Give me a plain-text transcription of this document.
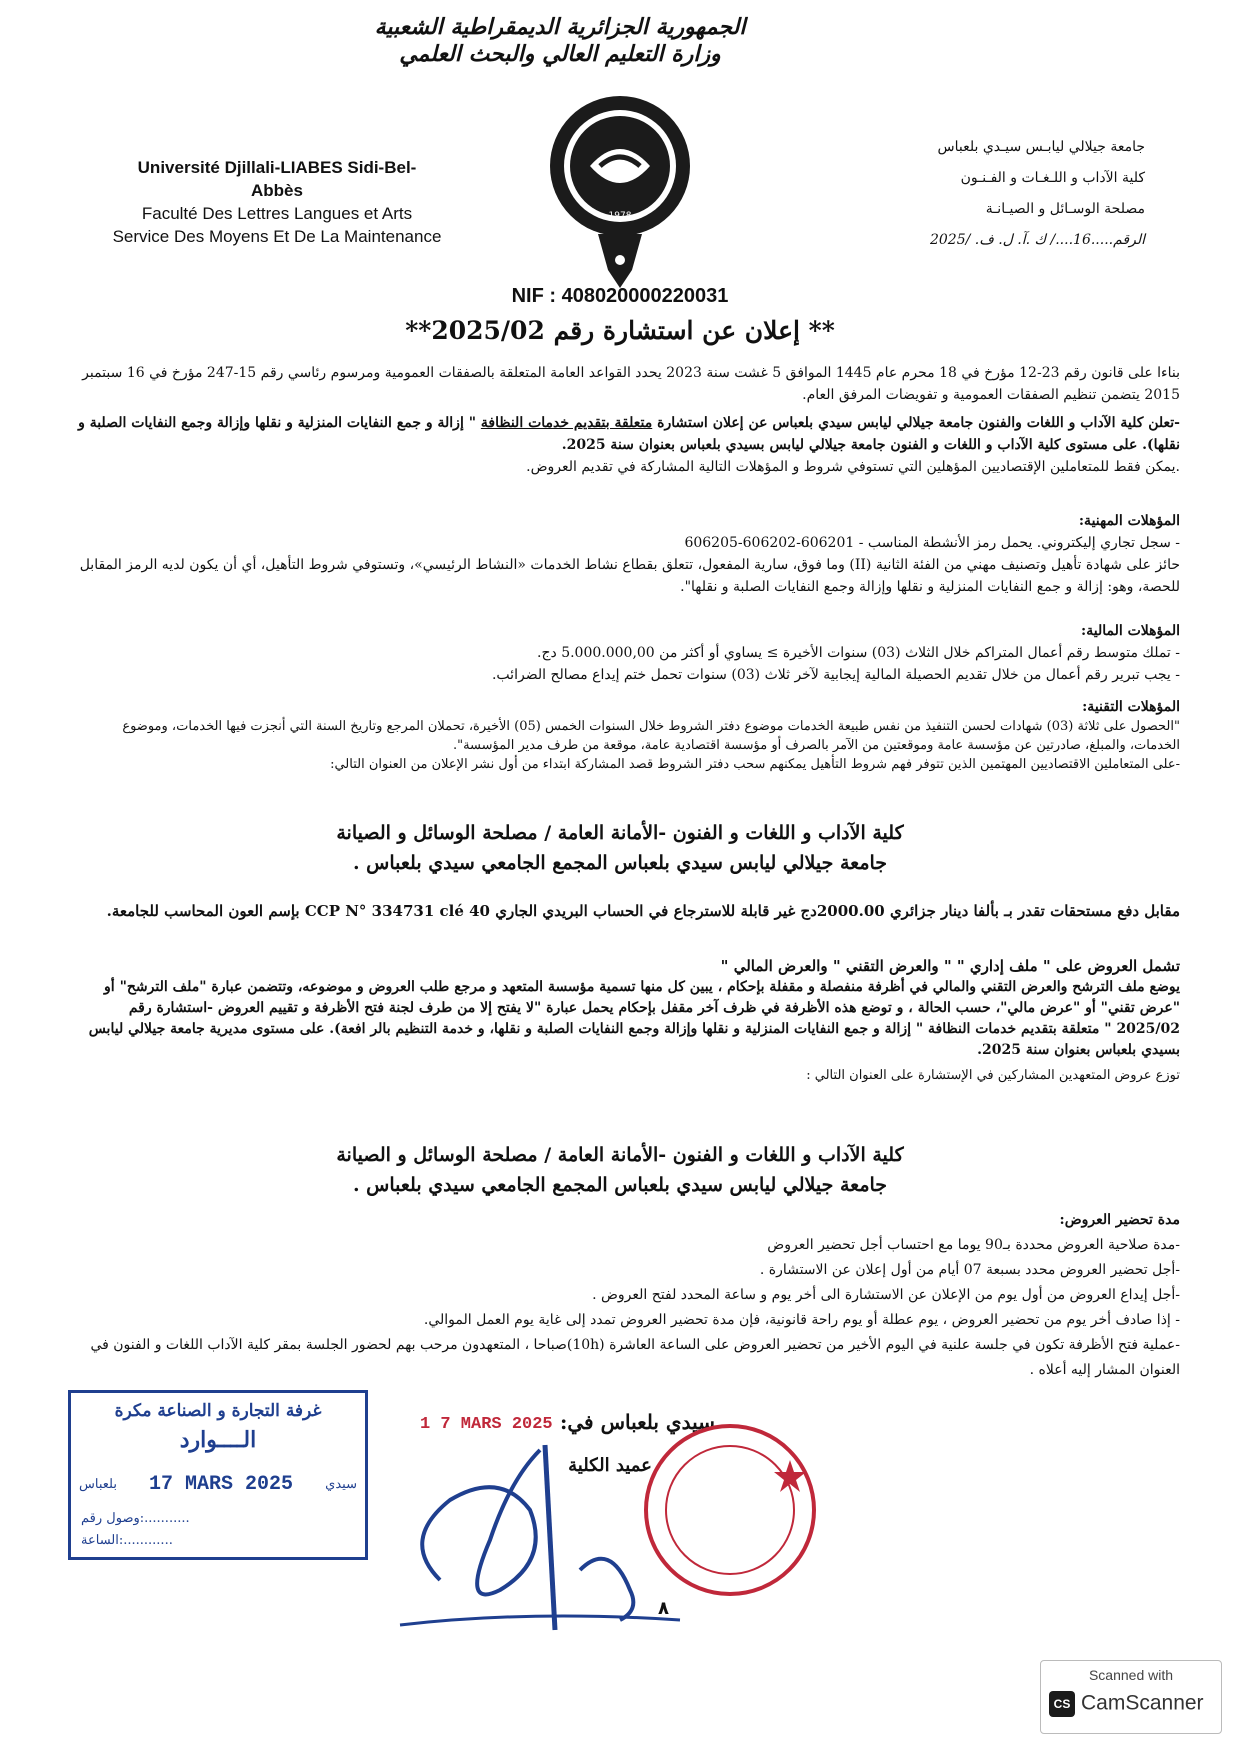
الجمهورية الجزائرية الديمقراطية الشعبية
وزارة التعليم العالي والبحث العلمي
Université Djillali-LIABES Sidi-Bel-Abbès
Faculté Des Lettres Langues et Arts
Service Des Moyens Et De La Maintenance
1978
جامعة جيلالي ليابـس سيـدي بلعباس
كلية الآداب و اللـغـات و الفـنـون
مصلحة الوسـائل و الصيـانـة
الرقم.....16..../ ك .آ. ل. ف. /2025
NIF : 408020000220031
** إعلان عن استشارة رقم 2025/02**

بناءا على قانون رقم 23-12 مؤرخ في 18 محرم عام 1445 الموافق 5 غشت سنة 2023 يحدد القواعد العامة المتعلقة بالصفقات العمومية ومرسوم رئاسي رقم 15-247 مؤرخ في 16 سبتمبر 2015 يتضمن تنظيم الصفقات العمومية و تفويضات المرفق العام.

-تعلن كلية الآداب و اللغات والفنون جامعة جيلالي ليابس سيدي بلعباس عن إعلان استشارة متعلقة بتقديم خدمات النظافة " إزالة و جمع النفايات المنزلية و نقلها وإزالة وجمع النفايات الصلبة و نقلها). على مستوى كلية الآداب و اللغات و الفنون جامعة جيلالي ليابس بسيدي بلعباس بعنوان سنة 2025.

.يمكن فقط للمتعاملين الإقتصاديين المؤهلين التي تستوفي شروط و المؤهلات التالية المشاركة في تقديم العروض.

المؤهلات المهنية:

- سجل تجاري إليكتروني. يحمل رمز الأنشطة المناسب - 606201-606202-606205

حائز على شهادة تأهيل وتصنيف مهني من الفئة الثانية (II) وما فوق، سارية المفعول، تتعلق بقطاع نشاط الخدمات «النشاط الرئيسي»، وتستوفي شروط التأهيل، أي أن يكون لديه الرمز المقابل للحصة، وهو: إزالة و جمع النفايات المنزلية و نقلها وإزالة وجمع النفايات الصلبة و نقلها".

المؤهلات المالية:

- تملك متوسط رقم أعمال المتراكم خلال الثلاث (03) سنوات الأخيرة ≥ يساوي أو أكثر من 5.000.000,00 دج.

- يجب تبرير رقم أعمال من خلال تقديم الحصيلة المالية إيجابية لآخر ثلاث (03) سنوات تحمل ختم إيداع مصالح الضرائب.

المؤهلات التقنية:

"الحصول على ثلاثة (03) شهادات لحسن التنفيذ من نفس طبيعة الخدمات موضوع دفتر الشروط خلال السنوات الخمس (05) الأخيرة، تحملان المرجع وتاريخ السنة التي أنجزت فيها الخدمات، وموضوع الخدمات، والمبلغ، صادرتين عن مؤسسة عامة وموقعتين من الآمر بالصرف أو مؤسسة اقتصادية عامة، موقعة من طرف مدير المؤسسة".

-على المتعاملين الاقتصاديين المهتمين الذين تتوفر فهم شروط التأهيل يمكنهم سحب دفتر الشروط قصد المشاركة ابتداء من أول نشر الإعلان من العنوان التالي:

كلية الآداب و اللغات و الفنون -الأمانة العامة / مصلحة الوسائل و الصيانة
جامعة جيلالي ليابس سيدي بلعباس المجمع الجامعي سيدي بلعباس .

مقابل دفع مستحقات تقدر بـ بألفا دينار جزائري 2000.00دج غير قابلة للاسترجاع في الحساب البريدي الجاري CCP N° 334731 clé 40 بإسم العون المحاسب للجامعة.

تشمل العروض على " ملف إداري " " والعرض التقني " والعرض المالي "

يوضع ملف الترشح والعرض التقني والمالي في أظرفة منفصلة و مقفلة بإحكام ، يبين كل منها تسمية مؤسسة المتعهد و مرجع طلب العروض و موضوعه، وتتضمن عبارة "ملف الترشح" أو "عرض تقني" أو "عرض مالي"، حسب الحالة ، و توضع هذه الأظرفة في ظرف آخر مقفل بإحكام يحمل عبارة "لا يفتح إلا من طرف لجنة فتح الأظرفة و تقييم العروض -استشارة رقم 2025/02 " متعلقة بتقديم خدمات النظافة " إزالة و جمع النفايات المنزلية و نقلها وإزالة وجمع النفايات الصلبة و نقلها، و خدمة التنظيم بالر افعة). على مستوى مديرية جامعة جيلالي ليابس بسيدي بلعباس بعنوان سنة 2025.

توزع عروض المتعهدين المشاركين في الإستشارة على العنوان التالي :

كلية الآداب و اللغات و الفنون -الأمانة العامة / مصلحة الوسائل و الصيانة
جامعة جيلالي ليابس سيدي بلعباس المجمع الجامعي سيدي بلعباس .

مدة تحضير العروض:

-مدة صلاحية العروض محددة بـ90 يوما مع احتساب أجل تحضير العروض

-أجل تحضير العروض محدد بسبعة 07 أيام من أول إعلان عن الاستشارة .

-أجل إيداع العروض من أول يوم من الإعلان عن الاستشارة الى أخر يوم و ساعة المحدد لفتح العروض .

- إذا صادف أخر يوم من تحضير العروض ، يوم عطلة أو يوم راحة قانونية، فإن مدة تحضير العروض تمدد إلى غاية يوم العمل الموالي.

-عملية فتح الأظرفة تكون في جلسة علنية في اليوم الأخير من تحضير العروض على الساعة العاشرة (10h)صباحا ، المتعهدون مرحب بهم لحضور الجلسة بمقر كلية الآداب اللغات و الفنون في العنوان المشار إليه أعلاه .

سيدي بلعباس في:
1 7 MARS 2025
عميد الكلية
غرفة التجارة و الصناعة مكرة
الــــوارد
سيدي
بلعباس 17 MARS 2025
وصول رقم:...........
الساعة:............
٨
Scanned with
CS CamScanner
